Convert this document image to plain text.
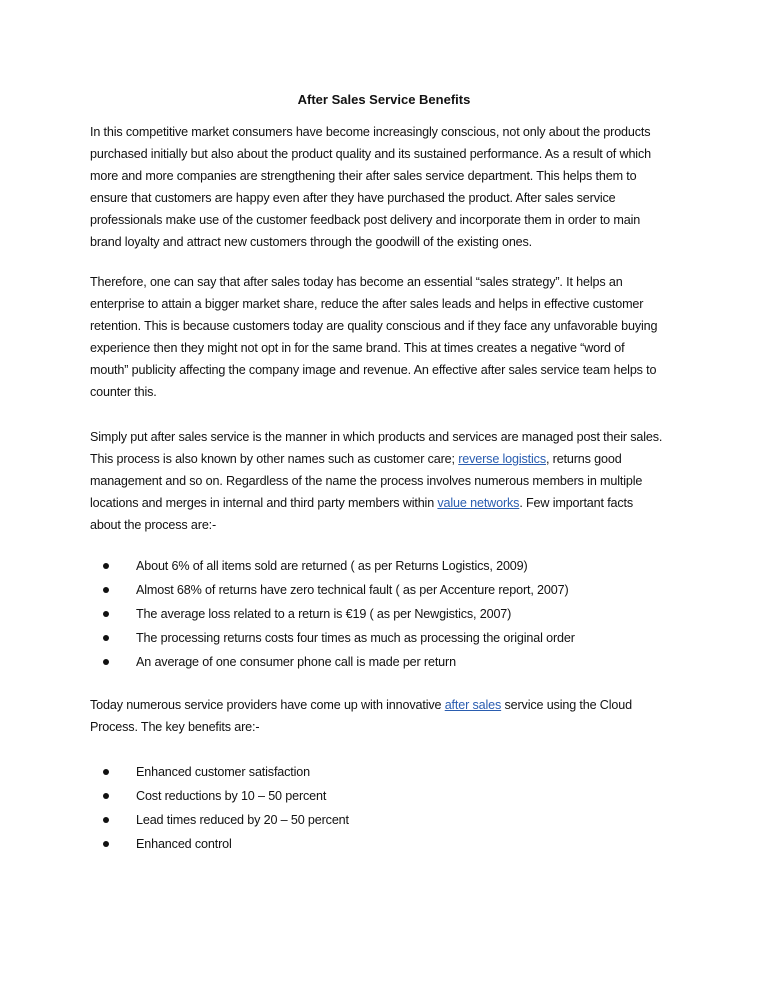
After Sales Service Benefits
In this competitive market consumers have become increasingly conscious, not only about the products
purchased initially but also about the product quality and its sustained performance. As a result of which
more and more companies are strengthening their after sales service department. This helps them to
ensure that customers are happy even after they have purchased the product. After sales service
professionals make use of the customer feedback post delivery and incorporate them in order to main
brand loyalty and attract new customers through the goodwill of the existing ones.
Therefore, one can say that after sales today has become an essential “sales strategy”. It helps an
enterprise to attain a bigger market share, reduce the after sales leads and helps in effective customer
retention. This is because customers today are quality conscious and if they face any unfavorable buying
experience then they might not opt in for the same brand. This at times creates a negative “word of
mouth” publicity affecting the company image and revenue. An effective after sales service team helps to
counter this.
Simply put after sales service is the manner in which products and services are managed post their sales.
This process is also known by other names such as customer care; reverse logistics, returns good
management and so on. Regardless of the name the process involves numerous members in multiple
locations and merges in internal and third party members within value networks. Few important facts
about the process are:-
About 6% of all items sold are returned ( as per Returns Logistics, 2009)
Almost 68% of returns have zero technical fault ( as per Accenture report, 2007)
The average loss related to a return is €19 ( as per Newgistics, 2007)
The processing returns costs four times as much as processing the original order
An average of one consumer phone call is made per return
Today numerous service providers have come up with innovative after sales service using the Cloud
Process. The key benefits are:-
Enhanced customer satisfaction
Cost reductions by 10 – 50 percent
Lead times reduced by 20 – 50 percent
Enhanced control
